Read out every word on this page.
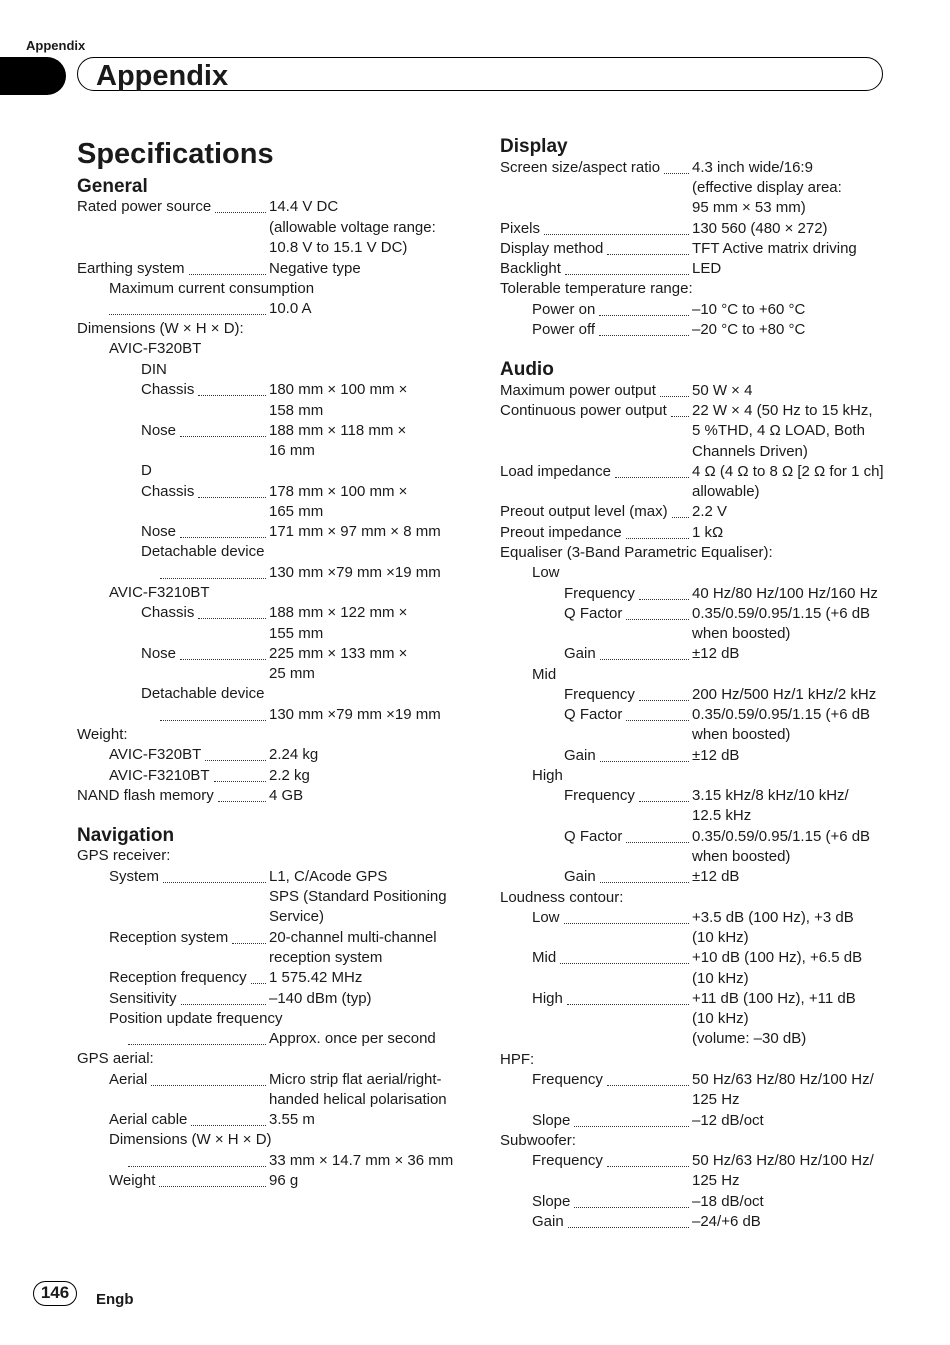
Appendix
Appendix
Specifications
General
Rated power source	14.4 V DC
(allowable voltage range:
10.8 V to 15.1 V DC)
Earthing system	Negative type
Maximum current consumption
10.0 A
Dimensions (W × H × D):
AVIC-F320BT
DIN
Chassis	180 mm × 100 mm ×
158 mm
Nose	188 mm × 118 mm ×
16 mm
D
Chassis	178 mm × 100 mm ×
165 mm
Nose	171 mm × 97 mm × 8 mm
Detachable device
130 mm ×79 mm ×19 mm
AVIC-F3210BT
Chassis	188 mm × 122 mm ×
155 mm
Nose	225 mm × 133 mm ×
25 mm
Detachable device
130 mm ×79 mm ×19 mm
Weight:
AVIC-F320BT	2.24 kg
AVIC-F3210BT	2.2 kg
NAND flash memory	4 GB
Navigation
GPS receiver:
System	L1, C/Acode GPS
SPS (Standard Positioning
Service)
Reception system	20-channel multi-channel
reception system
Reception frequency 1 575.42 MHz
Sensitivity	–140 dBm (typ)
Position update frequency
Approx. once per second
GPS aerial:
Aerial	Micro strip flat aerial/right-
handed helical polarisation
Aerial cable	3.55 m
Dimensions (W × H × D)
33 mm × 14.7 mm × 36 mm
Weight	96 g
Display
Screen size/aspect ratio 4.3 inch wide/16:9
(effective display area:
95 mm × 53 mm)
Pixels	130 560 (480 × 272)
Display method	TFT Active matrix driving
Backlight	LED
Tolerable temperature range:
Power on	–10 °C to +60 °C
Power off	–20 °C to +80 °C
Audio
Maximum power output 50 W × 4
Continuous power output 22 W × 4 (50 Hz to 15 kHz,
5 %THD, 4 Ω LOAD, Both
Channels Driven)
Load impedance	4 Ω (4 Ω to 8 Ω [2 Ω for 1 ch]
allowable)
Preout output level (max) 2.2 V
Preout impedance	1 kΩ
Equaliser (3-Band Parametric Equaliser):
Low
Frequency	40 Hz/80 Hz/100 Hz/160 Hz
Q Factor	0.35/0.59/0.95/1.15 (+6 dB
when boosted)
Gain	±12 dB
Mid
Frequency	200 Hz/500 Hz/1 kHz/2 kHz
Q Factor	0.35/0.59/0.95/1.15 (+6 dB
when boosted)
Gain	±12 dB
High
Frequency	3.15 kHz/8 kHz/10 kHz/
12.5 kHz
Q Factor	0.35/0.59/0.95/1.15 (+6 dB
when boosted)
Gain	±12 dB
Loudness contour:
Low	+3.5 dB (100 Hz), +3 dB
(10 kHz)
Mid	+10 dB (100 Hz), +6.5 dB
(10 kHz)
High	+11 dB (100 Hz), +11 dB
(10 kHz)
(volume: –30 dB)
HPF:
Frequency	50 Hz/63 Hz/80 Hz/100 Hz/
125 Hz
Slope	–12 dB/oct
Subwoofer:
Frequency	50 Hz/63 Hz/80 Hz/100 Hz/
125 Hz
Slope	–18 dB/oct
Gain	–24/+6 dB
146	Engb
